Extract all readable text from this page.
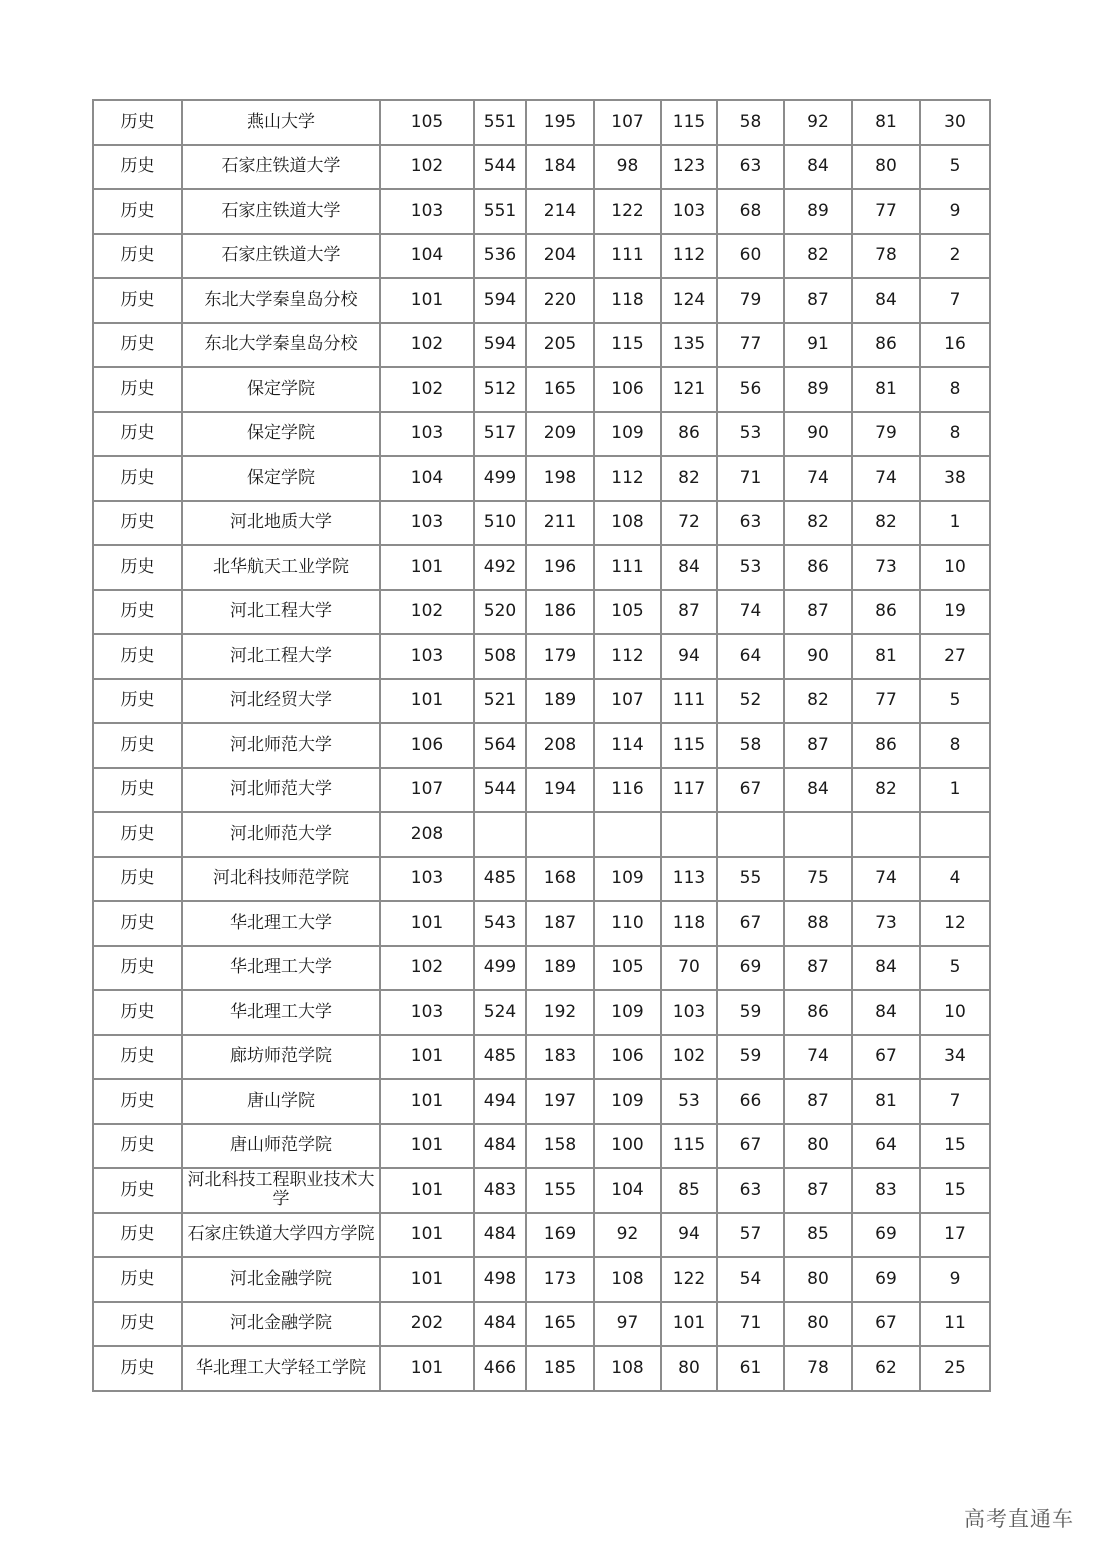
历史	燕山大学	105	551	195	107	115	58	92	81	30
历史	石家庄铁道大学	102	544	184	98	123	63	84	80	5
历史	石家庄铁道大学	103	551	214	122	103	68	89	77	9
历史	石家庄铁道大学	104	536	204	111	112	60	82	78	2
历史	东北大学秦皇岛分校	101	594	220	118	124	79	87	84	7
历史	东北大学秦皇岛分校	102	594	205	115	135	77	91	86	16
历史	保定学院	102	512	165	106	121	56	89	81	8
历史	保定学院	103	517	209	109	86	53	90	79	8
历史	保定学院	104	499	198	112	82	71	74	74	38
历史	河北地质大学	103	510	211	108	72	63	82	82	1
历史	北华航天工业学院	101	492	196	111	84	53	86	73	10
历史	河北工程大学	102	520	186	105	87	74	87	86	19
历史	河北工程大学	103	508	179	112	94	64	90	81	27
历史	河北经贸大学	101	521	189	107	111	52	82	77	5
历史	河北师范大学	106	564	208	114	115	58	87	86	8
历史	河北师范大学	107	544	194	116	117	67	84	82	1
历史	河北师范大学	208								
历史	河北科技师范学院	103	485	168	109	113	55	75	74	4
历史	华北理工大学	101	543	187	110	118	67	88	73	12
历史	华北理工大学	102	499	189	105	70	69	87	84	5
历史	华北理工大学	103	524	192	109	103	59	86	84	10
历史	廊坊师范学院	101	485	183	106	102	59	74	67	34
历史	唐山学院	101	494	197	109	53	66	87	81	7
历史	唐山师范学院	101	484	158	100	115	67	80	64	15
历史	河北科技工程职业技术大学	101	483	155	104	85	63	87	83	15
历史	石家庄铁道大学四方学院	101	484	169	92	94	57	85	69	17
历史	河北金融学院	101	498	173	108	122	54	80	69	9
历史	河北金融学院	202	484	165	97	101	71	80	67	11
历史	华北理工大学轻工学院	101	466	185	108	80	61	78	62	25
高考直通车
